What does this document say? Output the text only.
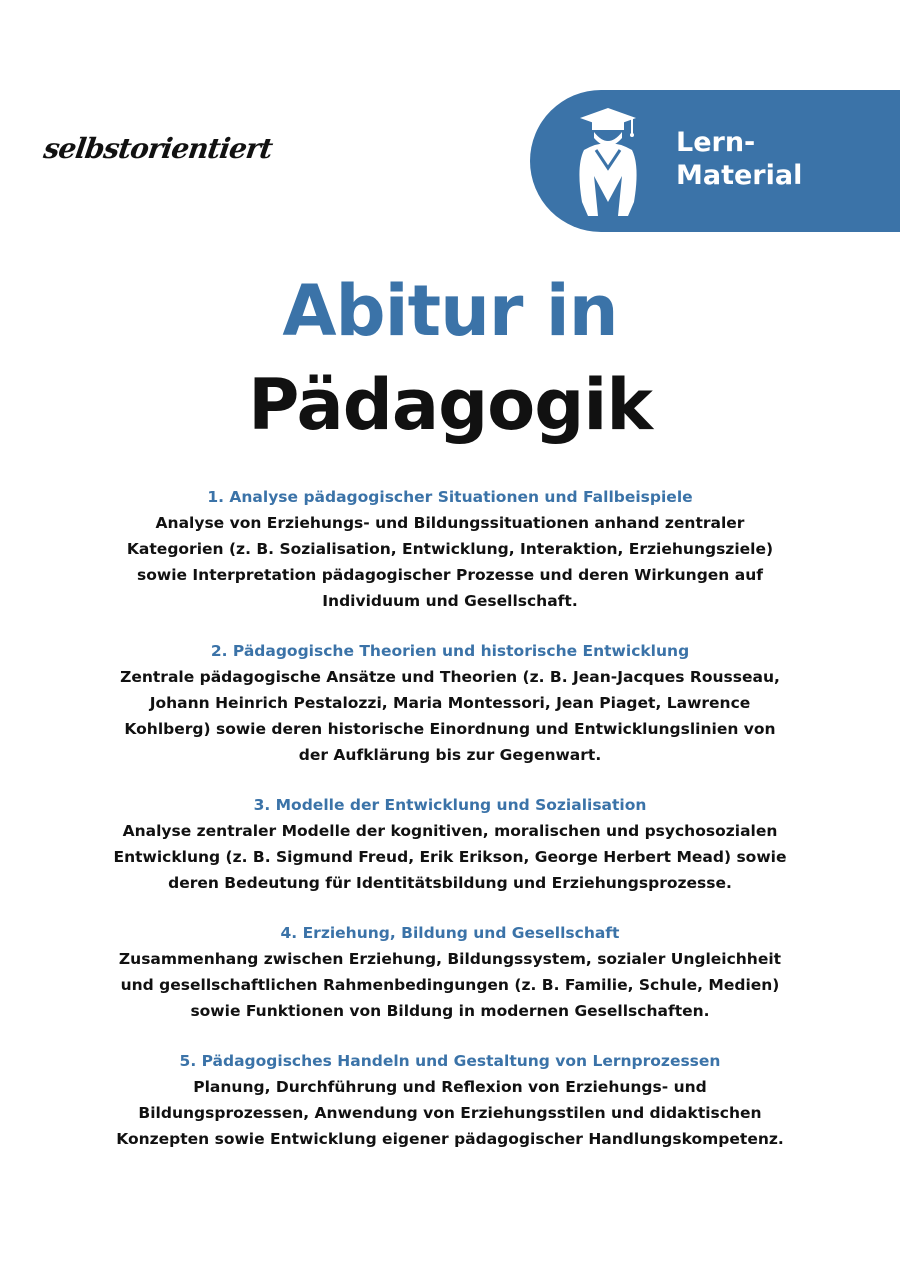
selbstorientiert	Lern-
Material
Abitur in
Pädagogik
1. Analyse pädagogischer Situationen und Fallbeispiele
Analyse von Erziehungs- und Bildungssituationen anhand zentraler Kategorien (z. B. Sozialisation, Entwicklung, Interaktion, Erziehungsziele) sowie Interpretation pädagogischer Prozesse und deren Wirkungen auf Individuum und Gesellschaft.
2. Pädagogische Theorien und historische Entwicklung
Zentrale pädagogische Ansätze und Theorien (z. B. Jean-Jacques Rousseau, Johann Heinrich Pestalozzi, Maria Montessori, Jean Piaget, Lawrence Kohlberg) sowie deren historische Einordnung und Entwicklungslinien von der Aufklärung bis zur Gegenwart.
3. Modelle der Entwicklung und Sozialisation
Analyse zentraler Modelle der kognitiven, moralischen und psychosozialen Entwicklung (z. B. Sigmund Freud, Erik Erikson, George Herbert Mead) sowie deren Bedeutung für Identitätsbildung und Erziehungsprozesse.
4. Erziehung, Bildung und Gesellschaft
Zusammenhang zwischen Erziehung, Bildungssystem, sozialer Ungleichheit und gesellschaftlichen Rahmenbedingungen (z. B. Familie, Schule, Medien) sowie Funktionen von Bildung in modernen Gesellschaften.
5. Pädagogisches Handeln und Gestaltung von Lernprozessen
Planung, Durchführung und Reflexion von Erziehungs- und Bildungsprozessen, Anwendung von Erziehungsstilen und didaktischen Konzepten sowie Entwicklung eigener pädagogischer Handlungskompetenz.
